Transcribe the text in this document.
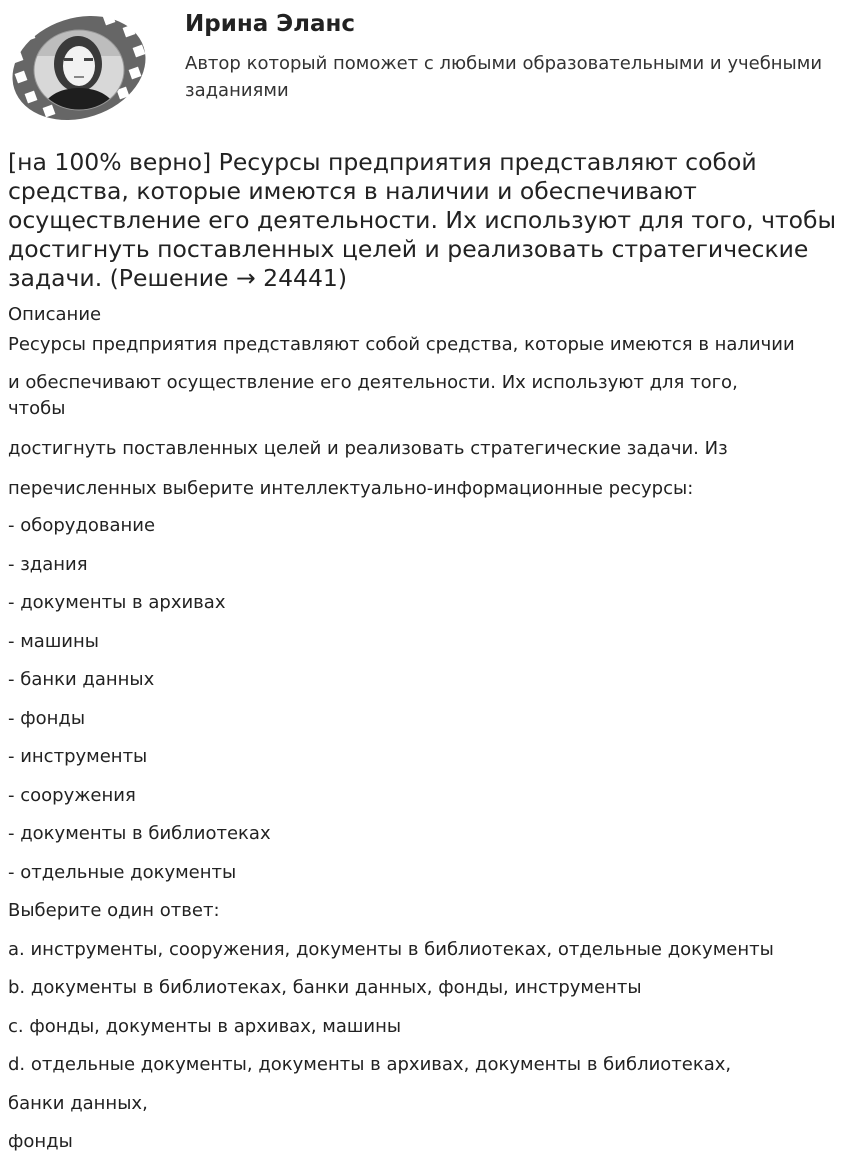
Ирина Эланс
Автор который поможет с любыми образовательными и учебными заданиями
[на 100% верно] Ресурсы предприятия представляют собой средства, которые имеются в наличии и обеспечивают осуществление его деятельности. Их используют для того, чтобы достигнуть поставленных целей и реализовать стратегические задачи. (Решение → 24441)
Описание
Ресурсы предприятия представляют собой средства, которые имеются в наличии
и обеспечивают осуществление его деятельности. Их используют для того, чтобы
достигнуть поставленных целей и реализовать стратегические задачи. Из
перечисленных выберите интеллектуально-информационные ресурсы:
- оборудование
- здания
- документы в архивах
- машины
- банки данных
- фонды
- инструменты
- сооружения
- документы в библиотеках
- отдельные документы
Выберите один ответ:
a. инструменты, сооружения, документы в библиотеках, отдельные документы
b. документы в библиотеках, банки данных, фонды, инструменты
c. фонды, документы в архивах, машины
d. отдельные документы, документы в архивах, документы в библиотеках,
банки данных,
фонды
